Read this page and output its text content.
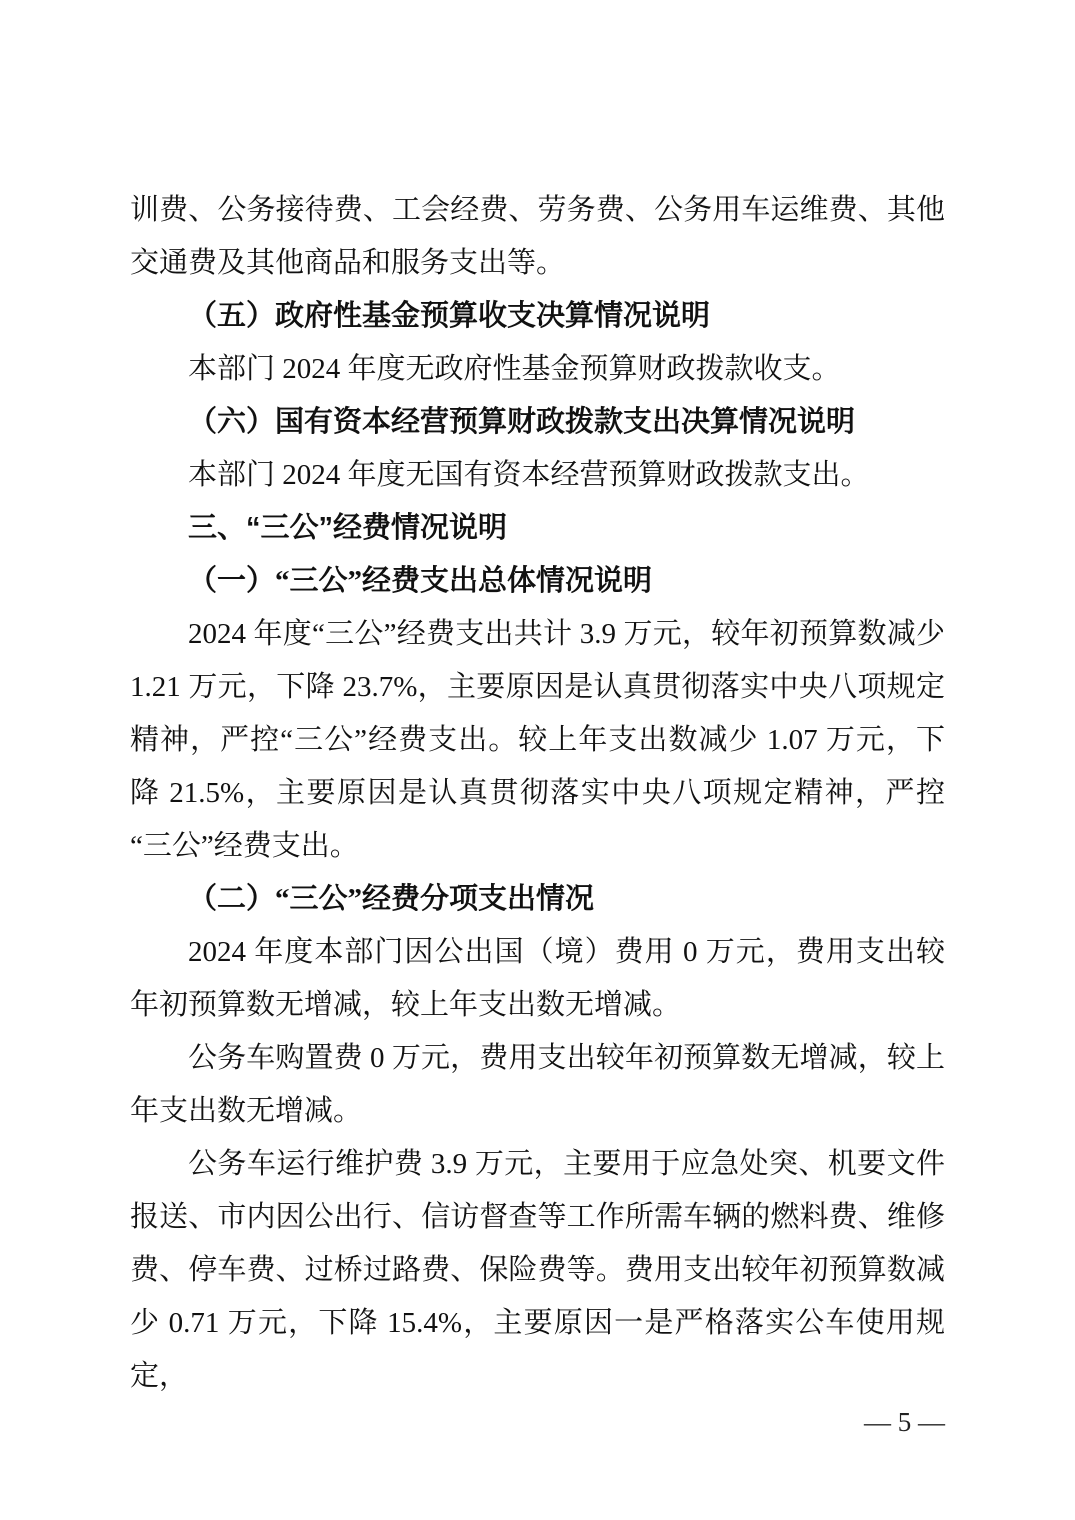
训费、公务接待费、工会经费、劳务费、公务用车运维费、其他交通费及其他商品和服务支出等。

（五）政府性基金预算收支决算情况说明

本部门 2024 年度无政府性基金预算财政拨款收支。

（六）国有资本经营预算财政拨款支出决算情况说明

本部门 2024 年度无国有资本经营预算财政拨款支出。

三、“三公”经费情况说明

（一）“三公”经费支出总体情况说明

2024 年度“三公”经费支出共计 3.9 万元，较年初预算数减少 1.21 万元，下降 23.7%，主要原因是认真贯彻落实中央八项规定精神，严控“三公”经费支出。较上年支出数减少 1.07 万元，下降 21.5%，主要原因是认真贯彻落实中央八项规定精神，严控“三公”经费支出。

（二）“三公”经费分项支出情况

2024 年度本部门因公出国（境）费用 0 万元，费用支出较年初预算数无增减，较上年支出数无增减。

公务车购置费 0 万元，费用支出较年初预算数无增减，较上年支出数无增减。

公务车运行维护费 3.9 万元，主要用于应急处突、机要文件报送、市内因公出行、信访督查等工作所需车辆的燃料费、维修费、停车费、过桥过路费、保险费等。费用支出较年初预算数减少 0.71 万元，下降 15.4%，主要原因一是严格落实公车使用规定，

— 5 —
